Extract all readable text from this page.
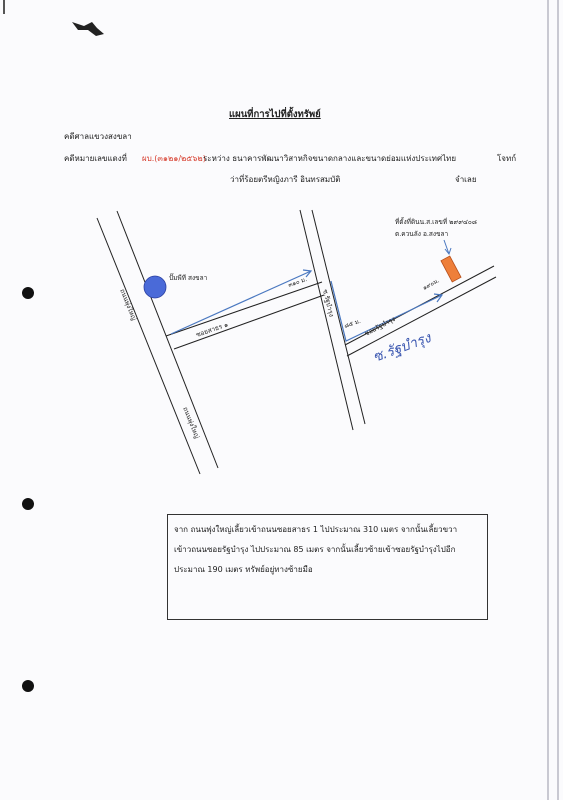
แผนที่การไปที่ตั้งทรัพย์
คดีศาลแขวงสงขลา
คดีหมายเลขแดงที่ ผบ.(๓๑๒๑/๒๕๖๒)
ระหว่าง ธนาคารพัฒนาวิสาหกิจขนาดกลางและขนาดย่อมแห่งประเทศไทย	โจทก์
ว่าที่ร้อยตรีหญิงภารี อินทรสมบัติ	จำเลย
ถนนพุ่งใหญ่
ถนนพุ่งใหญ่
ซอยสาธร ๑
๓๑๐ ม.
ซ.รัฐบำรุง
๘๕ ม. ซอยรัฐบำรุง
๑๙๐ม.
ปั๊มพีที สงขลา
ที่ตั้งที่ดินน.ส.เลขที่ ๒๙๙๔๐๘
ต.ควนลัง อ.สงขลา
ซ.รัฐบำรุง

จาก ถนนพุ่งใหญ่เลี้ยวเข้าถนนซอยสาธร 1 ไปประมาณ 310 เมตร จากนั้นเลี้ยวขวา

เข้าวถนนซอยรัฐบำรุง ไปประมาณ 85 เมตร จากนั้นเลี้ยวซ้ายเข้าซอยรัฐบำรุงไปอีก

ประมาณ 190 เมตร ทรัพย์อยู่ทางซ้ายมือ
